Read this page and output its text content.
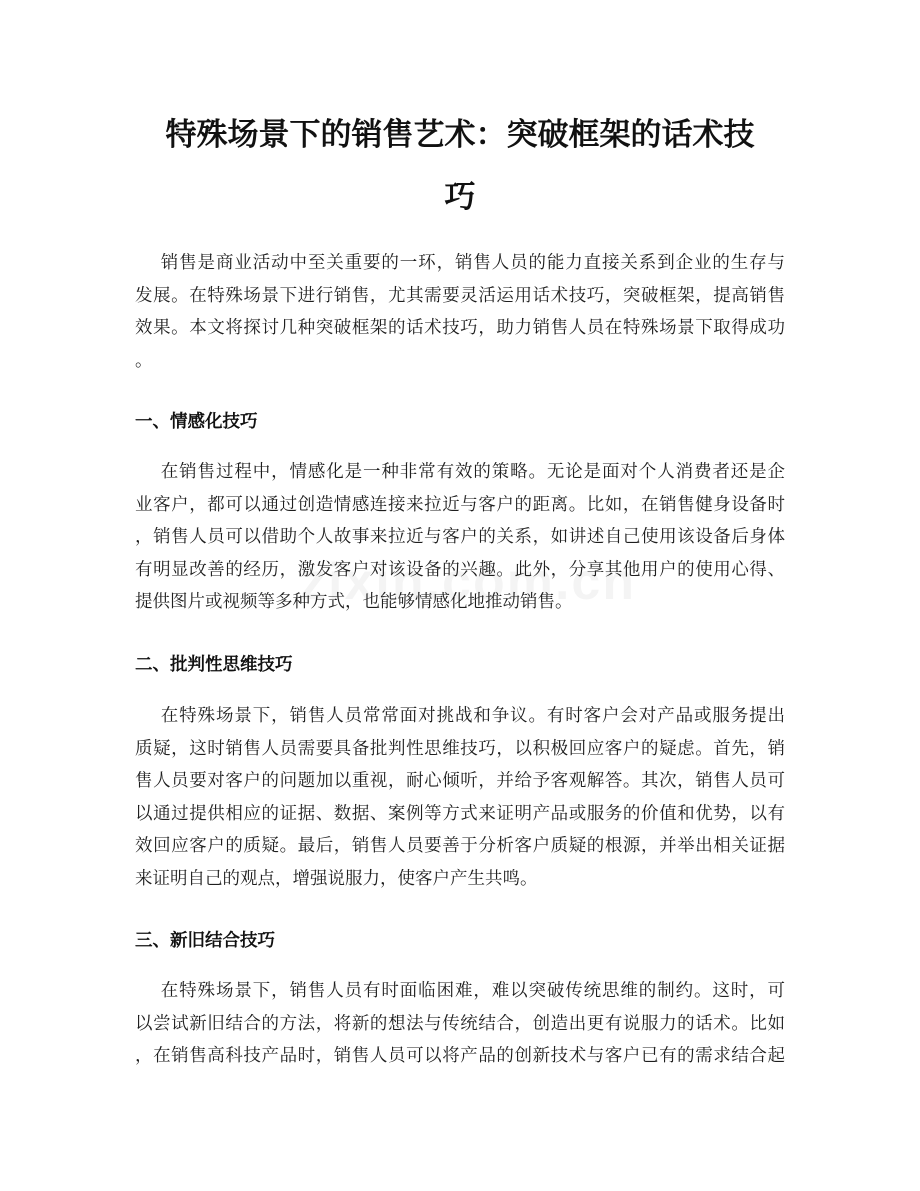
特殊场景下的销售艺术：突破框架的话术技
巧
销售是商业活动中至关重要的一环，销售人员的能力直接关系到企业的生存与
发展。在特殊场景下进行销售，尤其需要灵活运用话术技巧，突破框架，提高销售
效果。本文将探讨几种突破框架的话术技巧，助力销售人员在特殊场景下取得成功
。
一、情感化技巧
在销售过程中，情感化是一种非常有效的策略。无论是面对个人消费者还是企
业客户，都可以通过创造情感连接来拉近与客户的距离。比如，在销售健身设备时
，销售人员可以借助个人故事来拉近与客户的关系，如讲述自己使用该设备后身体
有明显改善的经历，激发客户对该设备的兴趣。此外，分享其他用户的使用心得、
提供图片或视频等多种方式，也能够情感化地推动销售。
二、批判性思维技巧
在特殊场景下，销售人员常常面对挑战和争议。有时客户会对产品或服务提出
质疑，这时销售人员需要具备批判性思维技巧，以积极回应客户的疑虑。首先，销
售人员要对客户的问题加以重视，耐心倾听，并给予客观解答。其次，销售人员可
以通过提供相应的证据、数据、案例等方式来证明产品或服务的价值和优势，以有
效回应客户的质疑。最后，销售人员要善于分析客户质疑的根源，并举出相关证据
来证明自己的观点，增强说服力，使客户产生共鸣。
三、新旧结合技巧
在特殊场景下，销售人员有时面临困难，难以突破传统思维的制约。这时，可
以尝试新旧结合的方法，将新的想法与传统结合，创造出更有说服力的话术。比如
，在销售高科技产品时，销售人员可以将产品的创新技术与客户已有的需求结合起
